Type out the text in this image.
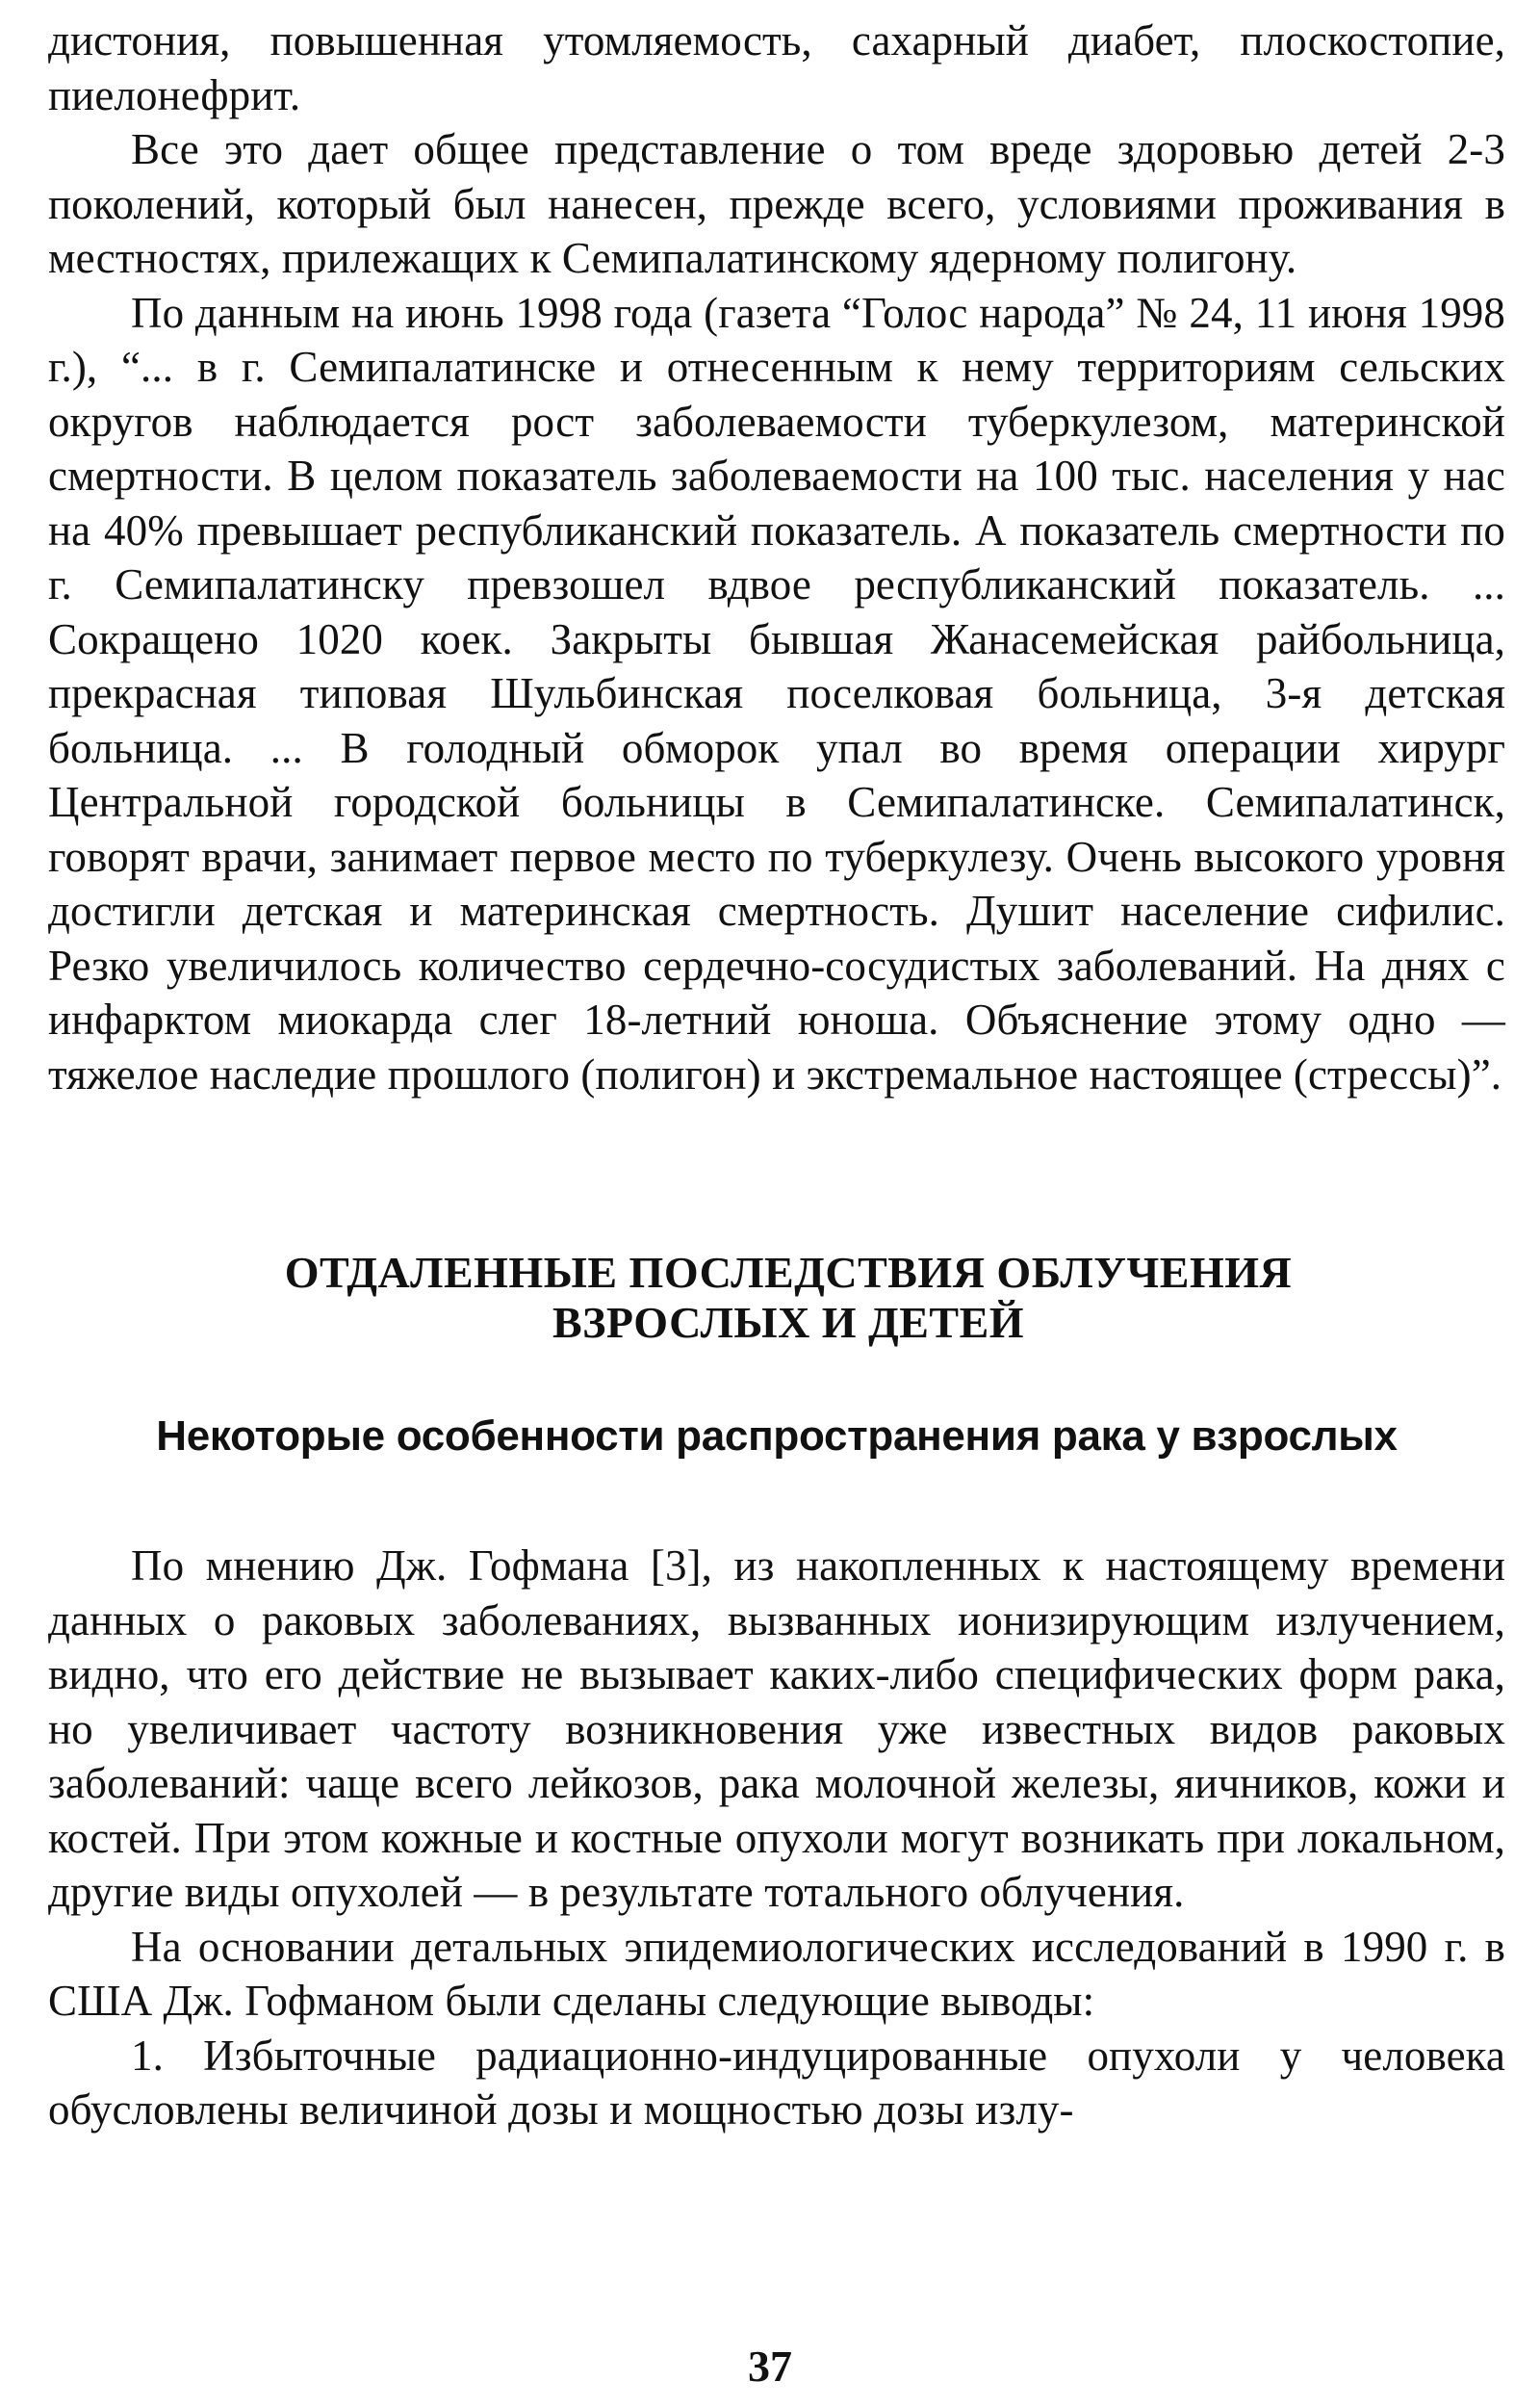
дистония, повышенная утомляемость, сахарный диабет, плоскостопие, пиелонефрит.

Все это дает общее представление о том вреде здоровью детей 2-3 поколений, который был нанесен, прежде всего, условиями проживания в местностях, прилежащих к Семипалатинскому ядерному полигону.

По данным на июнь 1998 года (газета “Голос народа” № 24, 11 июня 1998 г.), “... в г. Семипалатинске и отнесенным к нему территориям сельских округов наблюдается рост заболеваемости туберкулезом, материнской смертности. В целом показатель заболеваемости на 100 тыс. населения у нас на 40% превышает республиканский показатель. А показатель смертности по г. Семипалатинску превзошел вдвое республиканский показатель. ... Сокращено 1020 коек. Закрыты бывшая Жанасемейская райбольница, прекрасная типовая Шульбинская поселковая больница, 3-я детская больница. ... В голодный обморок упал во время операции хирург Центральной городской больницы в Семипалатинске. Семипалатинск, говорят врачи, занимает первое место по туберкулезу. Очень высокого уровня достигли детская и материнская смертность. Душит население сифилис. Резко увеличилось количество сердечно-сосудистых заболеваний. На днях с инфарктом миокарда слег 18-летний юноша. Объяснение этому одно — тяжелое наследие прошлого (полигон) и экстремальное настоящее (стрессы)”.

ОТДАЛЕННЫЕ ПОСЛЕДСТВИЯ ОБЛУЧЕНИЯ
ВЗРОСЛЫХ И ДЕТЕЙ
Некоторые особенности распространения рака у взрослых

По мнению Дж. Гофмана [3], из накопленных к настоящему времени данных о раковых заболеваниях, вызванных ионизирующим излучением, видно, что его действие не вызывает каких-либо специфических форм рака, но увеличивает частоту возникновения уже известных видов раковых заболеваний: чаще всего лейкозов, рака молочной железы, яичников, кожи и костей. При этом кожные и костные опухоли могут возникать при локальном, другие виды опухолей — в результате тотального облучения.

На основании детальных эпидемиологических исследований в 1990 г. в США Дж. Гофманом были сделаны следующие выводы:

1. Избыточные радиационно-индуцированные опухоли у человека обусловлены величиной дозы и мощностью дозы излу-

37
